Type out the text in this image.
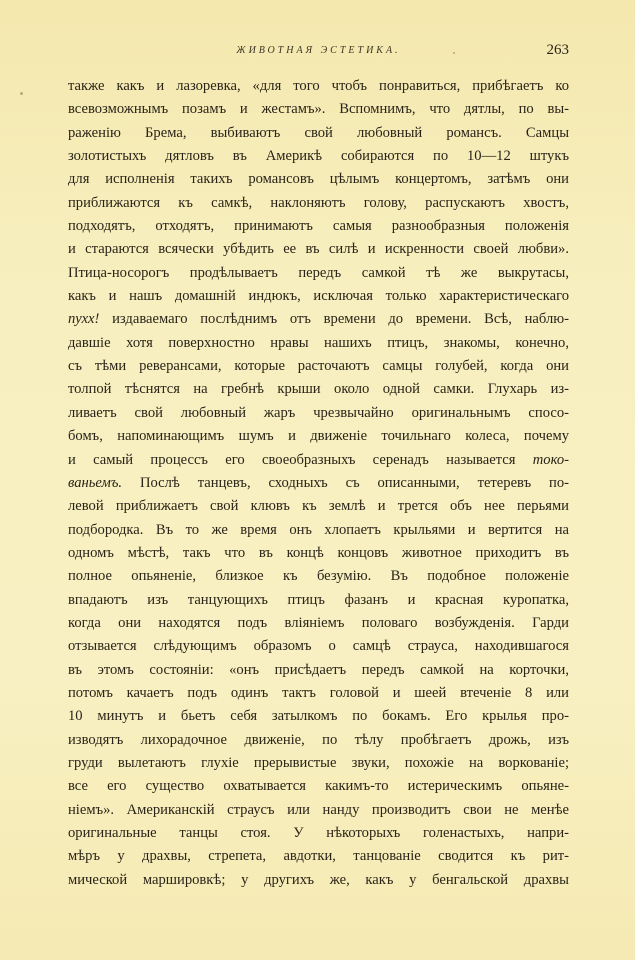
ЖИВОТНАЯ ЭСТЕТИКА.	263
также какъ и лазоревка, «для того чтобъ понравиться, прибѣгаетъ ко
всевозможнымъ позамъ и жестамъ». Вспомнимъ, что дятлы, по вы-
раженію Брема, выбиваютъ свой любовный романсъ. Самцы
золотистыхъ дятловъ въ Америкѣ собираются по 10—12 штукъ
для исполненія такихъ романсовъ цѣлымъ концертомъ, затѣмъ они
приближаются къ самкѣ, наклоняютъ голову, распускаютъ хвостъ,
подходятъ, отходятъ, принимаютъ самыя разнообразныя положенія
и стараются всячески убѣдить ее въ силѣ и искренности своей любви».
Птица-носорогъ продѣлываетъ передъ самкой тѣ же выкрутасы,
какъ и нашъ домашній индюкъ, исключая только характеристическаго
пухх! издаваемаго послѣднимъ отъ времени до времени. Всѣ, наблю-
давшіе хотя поверхностно нравы нашихъ птицъ, знакомы, конечно,
съ тѣми реверансами, которые расточаютъ самцы голубей, когда они
толпой тѣснятся на гребнѣ крыши около одной самки. Глухарь из-
ливаетъ свой любовный жаръ чрезвычайно оригинальнымъ спосо-
бомъ, напоминающимъ шумъ и движеніе точильнаго колеса, почему
и самый процессъ его своеобразныхъ серенадъ называется токо-
ваньемъ. Послѣ танцевъ, сходныхъ съ описанными, тетеревъ по-
левой приближаетъ свой клювъ къ землѣ и трется объ нее перьями
подбородка. Въ то же время онъ хлопаетъ крыльями и вертится на
одномъ мѣстѣ, такъ что въ концѣ концовъ животное приходитъ въ
полное опьяненіе, близкое къ безумію. Въ подобное положеніе
впадаютъ изъ танцующихъ птицъ фазанъ и красная куропатка,
когда они находятся подъ вліяніемъ половаго возбужденія. Гарди
отзывается слѣдующимъ образомъ о самцѣ страуса, находившагося
въ этомъ состояніи: «онъ присѣдаетъ передъ самкой на корточки,
потомъ качаетъ подъ одинъ тактъ головой и шеей втеченіе 8 или
10 минутъ и бьетъ себя затылкомъ по бокамъ. Его крылья про-
изводятъ лихорадочное движеніе, по тѣлу пробѣгаетъ дрожь, изъ
груди вылетаютъ глухіе прерывистые звуки, похожіе на воркованіе;
все его существо охватывается какимъ-то истерическимъ опьяне-
ніемъ». Американскій страусъ или нанду производитъ свои не менѣе
оригинальные танцы стоя. У нѣкоторыхъ голенастыхъ, напри-
мѣръ у драхвы, стрепета, авдотки, танцованіе сводится къ рит-
мической маршировкѣ; у другихъ же, какъ у бенгальской драхвы
